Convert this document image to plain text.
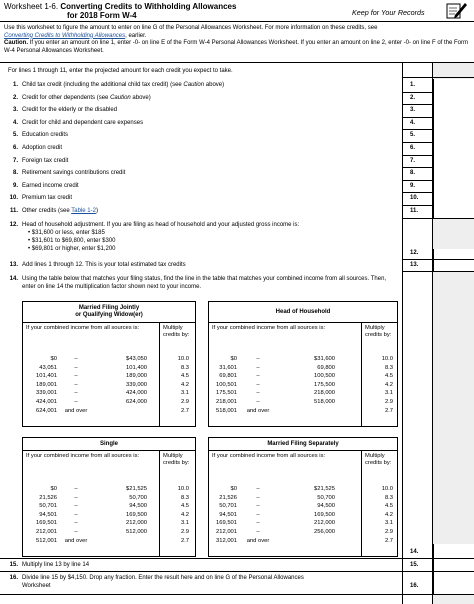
Worksheet 1-6. Converting Credits to Withholding Allowances
for 2018 Form W-4	Keep for Your Records
Use this worksheet to figure the amount to enter on line G of the Personal Allowances Worksheet. For more information on these credits, see
Converting Credits to Withholding Allowances, earlier.
Caution. If you enter an amount on line 1, enter -0- on line E of the Form W-4 Personal Allowances Worksheet. If you enter an amount on line 2, enter -0- on line F of the Form W-4 Personal Allowances Worksheet.
For lines 1 through 11, enter the projected amount for each credit you expect to take.
1. Child tax credit (including the additional child tax credit) (see Caution above)	1.
2. Credit for other dependents (see Caution above)	2.
3. Credit for the elderly or the disabled	3.
4. Credit for child and dependent care expenses	4.
5. Education credits	5.
6. Adoption credit	6.
7. Foreign tax credit	7.
8. Retirement savings contributions credit	8.
9. Earned income credit	9.
10. Premium tax credit	10.
11. Other credits (see Table 1-2)	11.
12. Head of household adjustment. If you are filing as head of household and your adjusted gross income is:
• $31,600 or less, enter $185
• $31,601 to $69,800, enter $300
• $69,801 or higher, enter $1,200
12.
13. Add lines 1 through 12. This is your total estimated tax credits	13.
14. Using the table below that matches your filing status, find the line in the table that matches your combined income from all sources. Then, enter on line 14 the multiplication factor shown next to your income.
Married Filing Jointly
or Qualifying Widow(er)
If your combined income from all sources is:	Multiply credits by:
$0	–	$43,050	10.0
43,051	–	101,400	8.3
101,401	–	189,000	4.5
189,001	–	339,000	4.2
339,001	–	424,000	3.1
424,001	–	624,000	2.9
624,001	and over	2.7
Head of Household
If your combined income from all sources is:	Multiply credits by:
$0	–	$31,600	10.0
31,601	–	69,800	8.3
69,801	–	100,500	4.5
100,501	–	175,500	4.2
175,501	–	218,000	3.1
218,001	–	518,000	2.9
518,001	and over	2.7
Single
If your combined income from all sources is:	Multiply credits by:
$0	–	$21,525	10.0
21,526	–	50,700	8.3
50,701	–	94,500	4.5
94,501	–	169,500	4.2
169,501	–	212,000	3.1
212,001	–	512,000	2.9
512,001	and over	2.7
Married Filing Separately
If your combined income from all sources is:	Multiply credits by:
$0	–	$21,525	10.0
21,526	–	50,700	8.3
50,701	–	94,500	4.5
94,501	–	169,500	4.2
169,501	–	212,000	3.1
212,001	–	256,000	2.9
312,001	and over	2.7
14.
15. Multiply line 13 by line 14	15.
16. Divide line 15 by $4,150. Drop any fraction. Enter the result here and on line G of the Personal Allowances
Worksheet	16.
